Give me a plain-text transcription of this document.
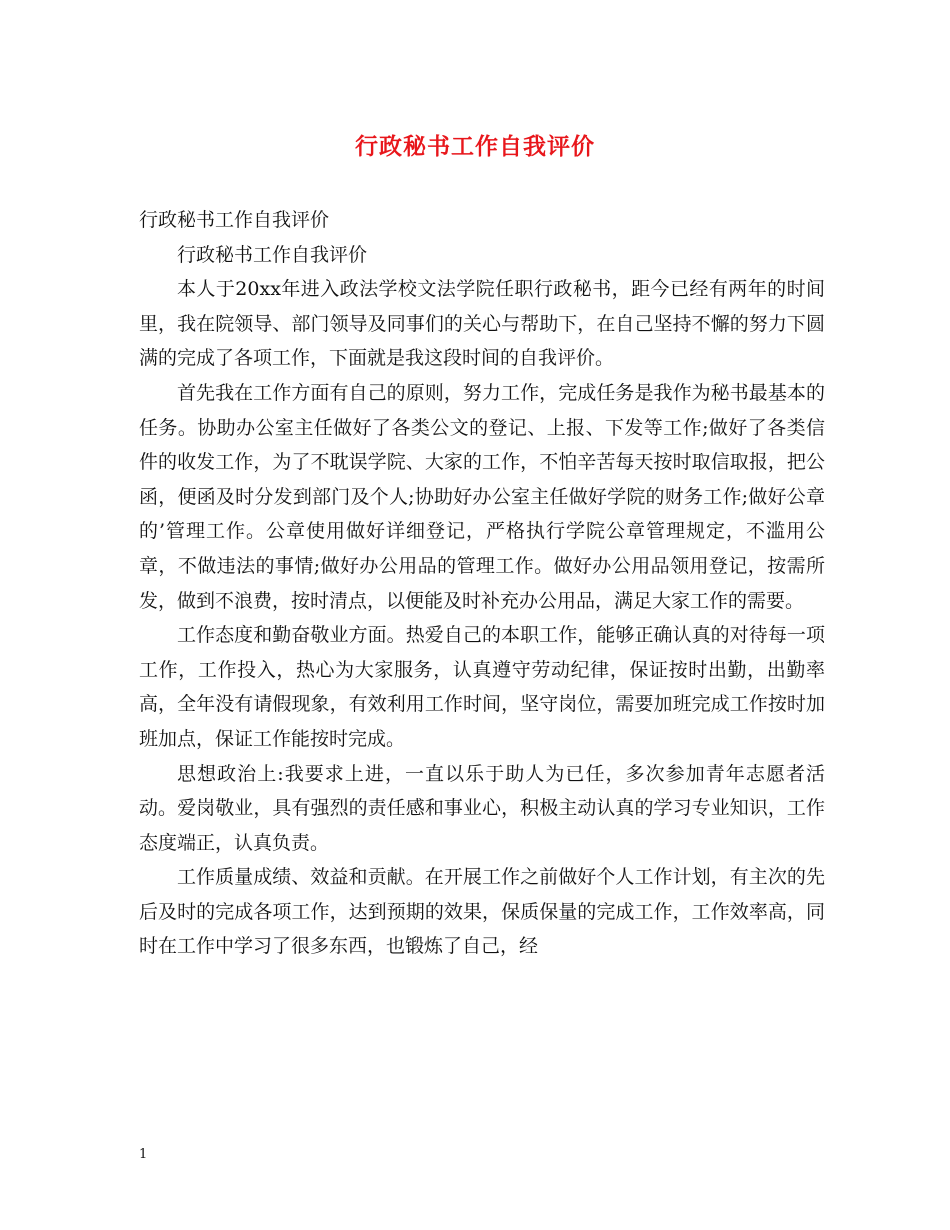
行政秘书工作自我评价

行政秘书工作自我评价

行政秘书工作自我评价

本人于20xx年进入政法学校文法学院任职行政秘书，距今已经有两年的时间里，我在院领导、部门领导及同事们的关心与帮助下，在自己坚持不懈的努力下圆满的完成了各项工作，下面就是我这段时间的自我评价。

首先我在工作方面有自己的原则，努力工作，完成任务是我作为秘书最基本的任务。协助办公室主任做好了各类公文的登记、上报、下发等工作;做好了各类信件的收发工作，为了不耽误学院、大家的工作，不怕辛苦每天按时取信取报，把公函，便函及时分发到部门及个人;协助好办公室主任做好学院的财务工作;做好公章的’管理工作。公章使用做好详细登记，严格执行学院公章管理规定，不滥用公章，不做违法的事情;做好办公用品的管理工作。做好办公用品领用登记，按需所发，做到不浪费，按时清点，以便能及时补充办公用品，满足大家工作的需要。

工作态度和勤奋敬业方面。热爱自己的本职工作，能够正确认真的对待每一项工作，工作投入，热心为大家服务，认真遵守劳动纪律，保证按时出勤，出勤率高，全年没有请假现象，有效利用工作时间，坚守岗位，需要加班完成工作按时加班加点，保证工作能按时完成。

思想政治上:我要求上进，一直以乐于助人为已任，多次参加青年志愿者活动。爱岗敬业，具有强烈的责任感和事业心，积极主动认真的学习专业知识，工作态度端正，认真负责。

工作质量成绩、效益和贡献。在开展工作之前做好个人工作计划，有主次的先后及时的完成各项工作，达到预期的效果，保质保量的完成工作，工作效率高，同时在工作中学习了很多东西，也锻炼了自己，经

1
